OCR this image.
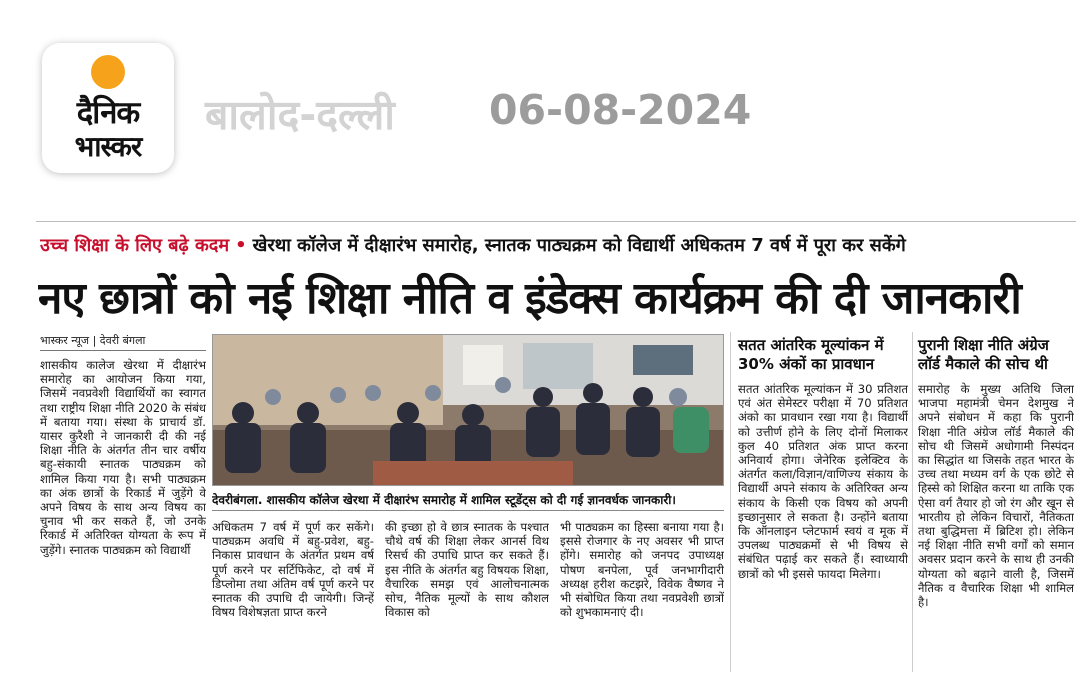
दैनिक
भास्कर
बालोद-दल्ली 06-08-2024
उच्च शिक्षा के लिए बढ़े कदम • खेरथा कॉलेज में दीक्षारंभ समारोह, स्नातक पाठ्यक्रम को विद्यार्थी अधिकतम 7 वर्ष में पूरा कर सकेंगे
नए छात्रों को नई शिक्षा नीति व इंडेक्स कार्यक्रम की दी जानकारी
भास्कर न्यूज | देवरी बंगला

शासकीय कालेज खेरथा में दीक्षारंभ समारोह का आयोजन किया गया, जिसमें नवप्रवेशी विद्यार्थियों का स्वागत तथा राष्ट्रीय शिक्षा नीति 2020 के संबंध में बताया गया। संस्था के प्राचार्य डॉ. यासर कुरैशी ने जानकारी दी की नई शिक्षा नीति के अंतर्गत तीन चार वर्षीय बहु-संकायी स्नातक पाठ्यक्रम को शामिल किया गया है। सभी पाठ्यक्रम का अंक छात्रों के रिकार्ड में जुड़ेंगे वे अपने विषय के साथ अन्य विषय का चुनाव भी कर सकते हैं, जो उनके रिकार्ड में अतिरिक्त योग्यता के रूप में जुड़ेंगे। स्नातक पाठ्यक्रम को विद्यार्थी

देवरीबंगला. शासकीय कॉलेज खेरथा में दीक्षारंभ समारोह में शामिल स्टूडेंट्स को दी गई ज्ञानवर्धक जानकारी।

अधिकतम 7 वर्ष में पूर्ण कर सकेंगे। पाठ्यक्रम अवधि में बहु-प्रवेश, बहु-निकास प्रावधान के अंतर्गत प्रथम वर्ष पूर्ण करने पर सर्टिफिकेट, दो वर्ष में डिप्लोमा तथा अंतिम वर्ष पूर्ण करने पर स्नातक की उपाधि दी जायेगी। जिन्हें विषय विशेषज्ञता प्राप्त करने

की इच्छा हो वे छात्र स्नातक के पश्चात चौथे वर्ष की शिक्षा लेकर आनर्स विथ रिसर्च की उपाधि प्राप्त कर सकते हैं। इस नीति के अंतर्गत बहु विषयक शिक्षा, वैचारिक समझ एवं आलोचनात्मक सोच, नैतिक मूल्यों के साथ कौशल विकास को

भी पाठ्यक्रम का हिस्सा बनाया गया है। इससे रोजगार के नए अवसर भी प्राप्त होंगे। समारोह को जनपद उपाध्यक्ष पोषण बनपेला, पूर्व जनभागीदारी अध्यक्ष हरीश कटझरे, विवेक वैष्णव ने भी संबोधित किया तथा नवप्रवेशी छात्रों को शुभकामनाएं दी।

सतत आंतरिक मूल्यांकन में 30% अंकों का प्रावधान

सतत आंतरिक मूल्यांकन में 30 प्रतिशत एवं अंत सेमेस्टर परीक्षा में 70 प्रतिशत अंको का प्रावधान रखा गया है। विद्यार्थी को उत्तीर्ण होने के लिए दोनों मिलाकर कुल 40 प्रतिशत अंक प्राप्त करना अनिवार्य होगा। जेनेरिक इलेक्टिव के अंतर्गत कला/विज्ञान/वाणिज्य संकाय के विद्यार्थी अपने संकाय के अतिरिक्त अन्य संकाय के किसी एक विषय को अपनी इच्छानुसार ले सकता है। उन्होंने बताया कि ऑनलाइन प्लेटफार्म स्वयं व मूक में उपलब्ध पाठ्यक्रमों से भी विषय से संबंधित पढ़ाई कर सकते हैं। स्वाध्यायी छात्रों को भी इससे फायदा मिलेगा।

पुरानी शिक्षा नीति अंग्रेज लॉर्ड मैकाले की सोच थी

समारोह के मुख्य अतिथि जिला भाजपा महामंत्री चेमन देशमुख ने अपने संबोधन में कहा कि पुरानी शिक्षा नीति अंग्रेज लॉर्ड मैकाले की सोच थी जिसमें अधोगामी निस्पंदन का सिद्धांत था जिसके तहत भारत के उच्च तथा मध्यम वर्ग के एक छोटे से हिस्से को शिक्षित करना था ताकि एक ऐसा वर्ग तैयार हो जो रंग और खून से भारतीय हो लेकिन विचारों, नैतिकता तथा बुद्धिमत्ता में ब्रिटिश हो। लेकिन नई शिक्षा नीति सभी वर्गों को समान अवसर प्रदान करने के साथ ही उनकी योग्यता को बढ़ाने वाली है, जिसमें नैतिक व वैचारिक शिक्षा भी शामिल है।
